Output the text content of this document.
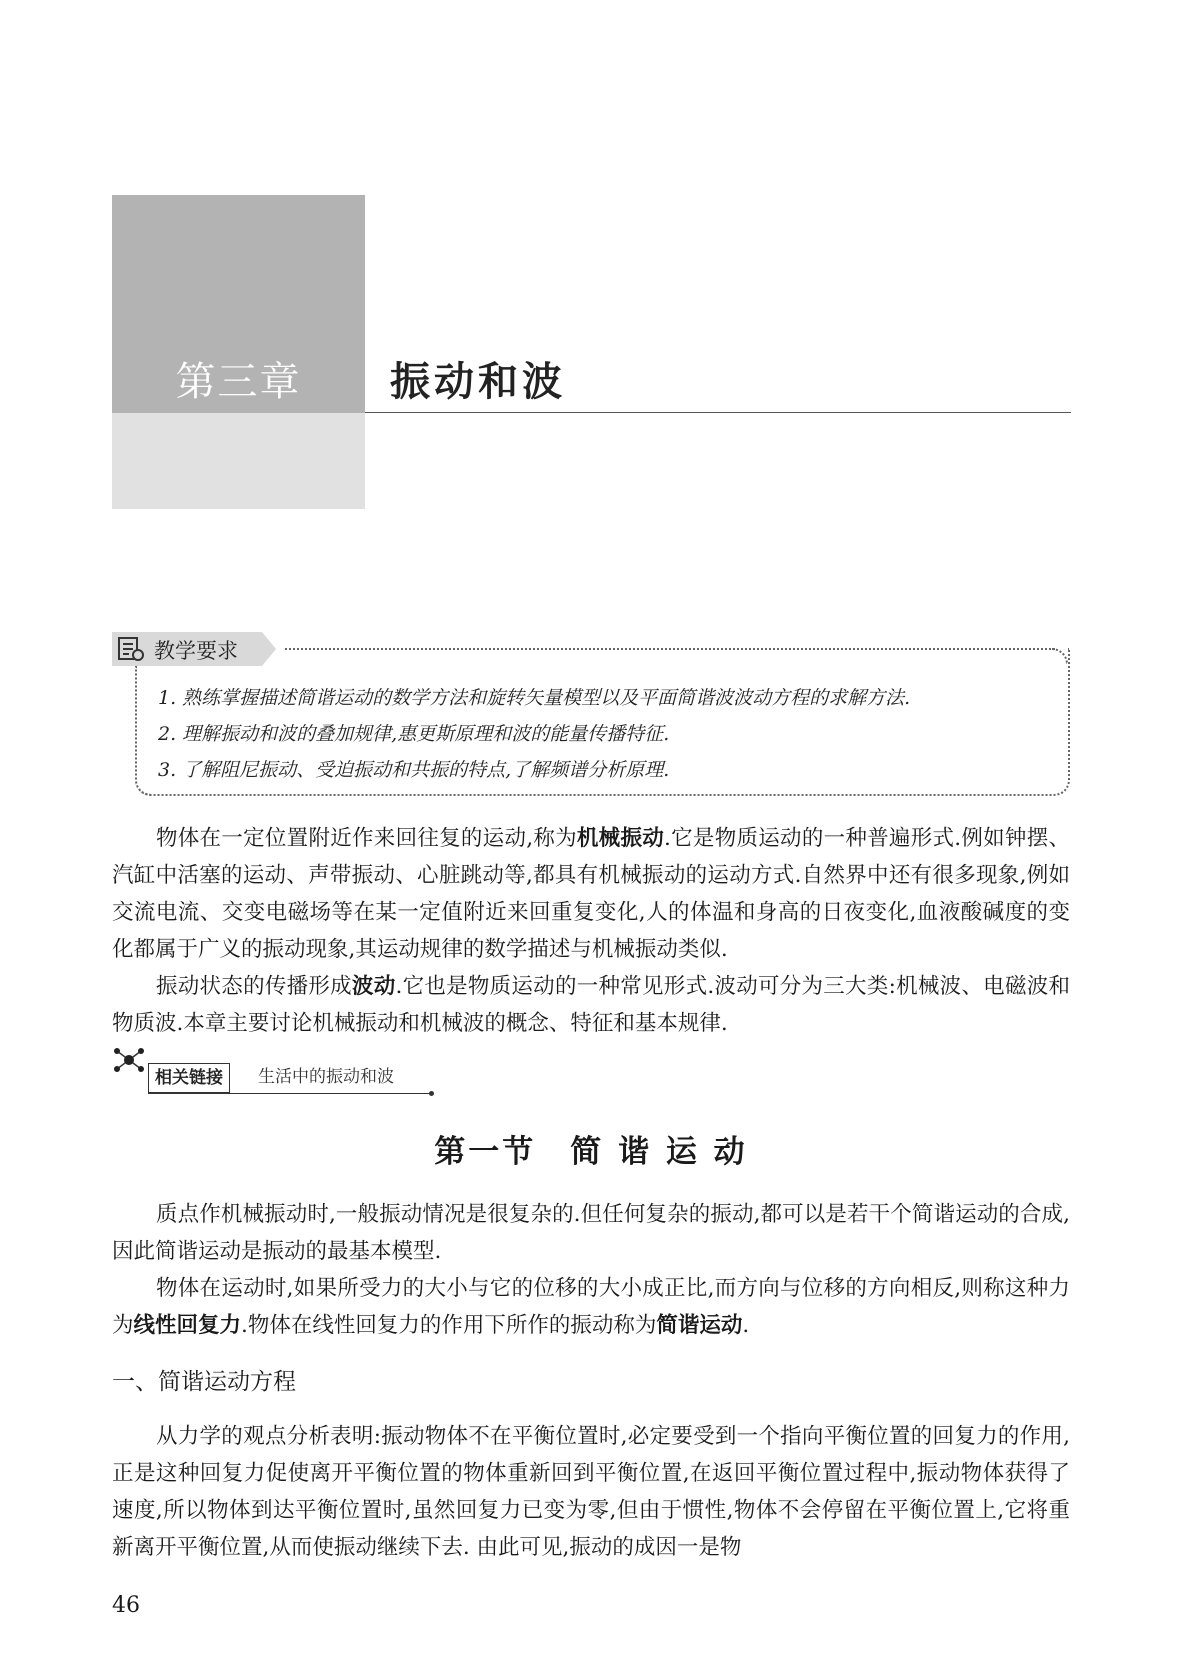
第三章	振动和波
教学要求
1. 熟练掌握描述简谐运动的数学方法和旋转矢量模型以及平面简谐波波动方程的求解方法.
2. 理解振动和波的叠加规律,惠更斯原理和波的能量传播特征.
3. 了解阻尼振动、受迫振动和共振的特点,了解频谱分析原理.

物体在一定位置附近作来回往复的运动,称为机械振动.它是物质运动的一种普遍形式.例如钟摆、汽缸中活塞的运动、声带振动、心脏跳动等,都具有机械振动的运动方式.自然界中还有很多现象,例如交流电流、交变电磁场等在某一定值附近来回重复变化,人的体温和身高的日夜变化,血液酸碱度的变化都属于广义的振动现象,其运动规律的数学描述与机械振动类似.

振动状态的传播形成波动.它也是物质运动的一种常见形式.波动可分为三大类:机械波、电磁波和物质波.本章主要讨论机械振动和机械波的概念、特征和基本规律.

相关链接	生活中的振动和波
第一节　简 谐 运 动

质点作机械振动时,一般振动情况是很复杂的.但任何复杂的振动,都可以是若干个简谐运动的合成,因此简谐运动是振动的最基本模型.

物体在运动时,如果所受力的大小与它的位移的大小成正比,而方向与位移的方向相反,则称这种力为线性回复力.物体在线性回复力的作用下所作的振动称为简谐运动.

一、简谐运动方程

从力学的观点分析表明:振动物体不在平衡位置时,必定要受到一个指向平衡位置的回复力的作用,正是这种回复力促使离开平衡位置的物体重新回到平衡位置,在返回平衡位置过程中,振动物体获得了速度,所以物体到达平衡位置时,虽然回复力已变为零,但由于惯性,物体不会停留在平衡位置上,它将重新离开平衡位置,从而使振动继续下去. 由此可见,振动的成因一是物

46
